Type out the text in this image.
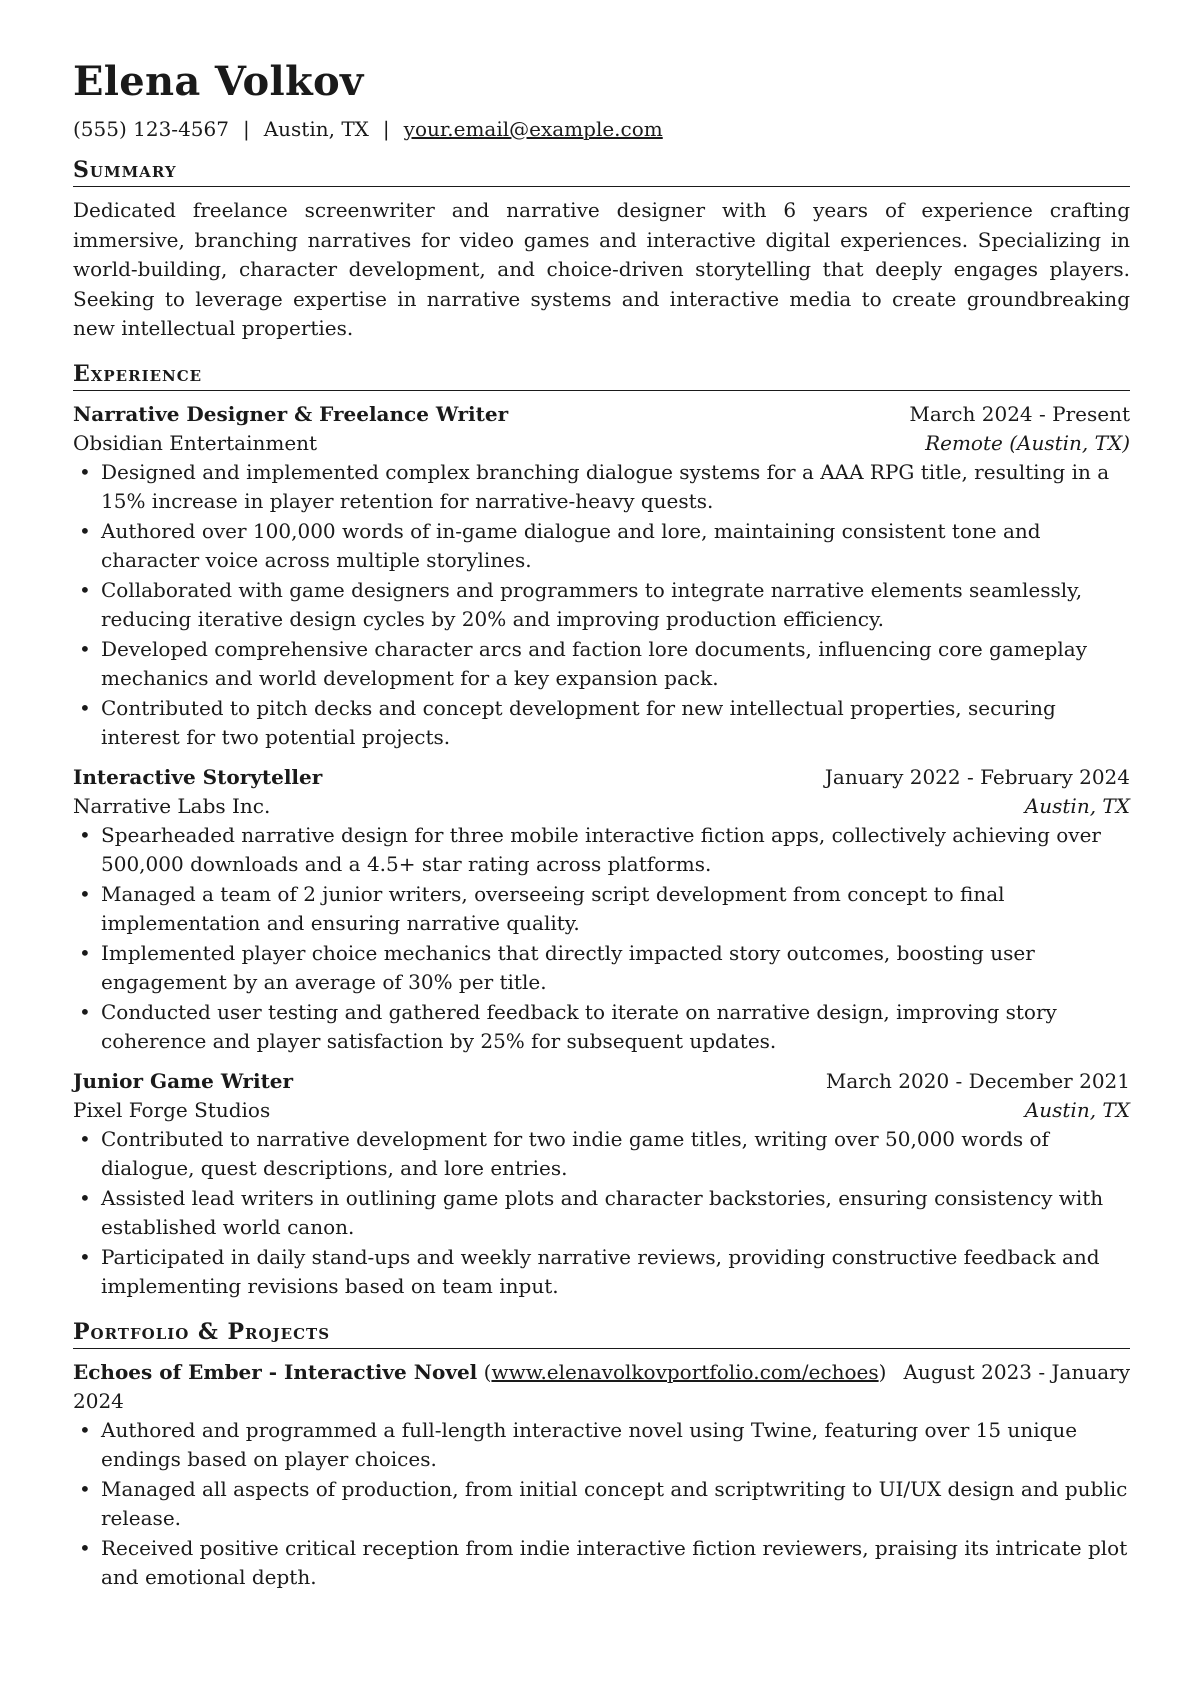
Elena Volkov
(555) 123-4567 | Austin, TX | your.email@example.com
Summary
Dedicated freelance screenwriter and narrative designer with 6 years of experience crafting immersive, branching narratives for video games and interactive digital experiences. Specializing in world-building, character development, and choice-driven storytelling that deeply engages players. Seeking to leverage expertise in narrative systems and interactive media to create groundbreaking new intellectual properties.
Experience
Narrative Designer & Freelance Writer	March 2024 - Present
Obsidian Entertainment	Remote (Austin, TX)
• Designed and implemented complex branching dialogue systems for a AAA RPG title, resulting in a 15% increase in player retention for narrative-heavy quests.
• Authored over 100,000 words of in-game dialogue and lore, maintaining consistent tone and character voice across multiple storylines.
• Collaborated with game designers and programmers to integrate narrative elements seamlessly, reducing iterative design cycles by 20% and improving production efficiency.
• Developed comprehensive character arcs and faction lore documents, influencing core gameplay mechanics and world development for a key expansion pack.
• Contributed to pitch decks and concept development for new intellectual properties, securing interest for two potential projects.
Interactive Storyteller	January 2022 - February 2024
Narrative Labs Inc.	Austin, TX
• Spearheaded narrative design for three mobile interactive fiction apps, collectively achieving over 500,000 downloads and a 4.5+ star rating across platforms.
• Managed a team of 2 junior writers, overseeing script development from concept to final implementation and ensuring narrative quality.
• Implemented player choice mechanics that directly impacted story outcomes, boosting user engagement by an average of 30% per title.
• Conducted user testing and gathered feedback to iterate on narrative design, improving story coherence and player satisfaction by 25% for subsequent updates.
Junior Game Writer	March 2020 - December 2021
Pixel Forge Studios	Austin, TX
• Contributed to narrative development for two indie game titles, writing over 50,000 words of dialogue, quest descriptions, and lore entries.
• Assisted lead writers in outlining game plots and character backstories, ensuring consistency with established world canon.
• Participated in daily stand-ups and weekly narrative reviews, providing constructive feedback and implementing revisions based on team input.
Portfolio & Projects
Echoes of Ember - Interactive Novel (www.elenavolkovportfolio.com/echoes) August 2023 - January
2024
• Authored and programmed a full-length interactive novel using Twine, featuring over 15 unique endings based on player choices.
• Managed all aspects of production, from initial concept and scriptwriting to UI/UX design and public release.
• Received positive critical reception from indie interactive fiction reviewers, praising its intricate plot and emotional depth.
